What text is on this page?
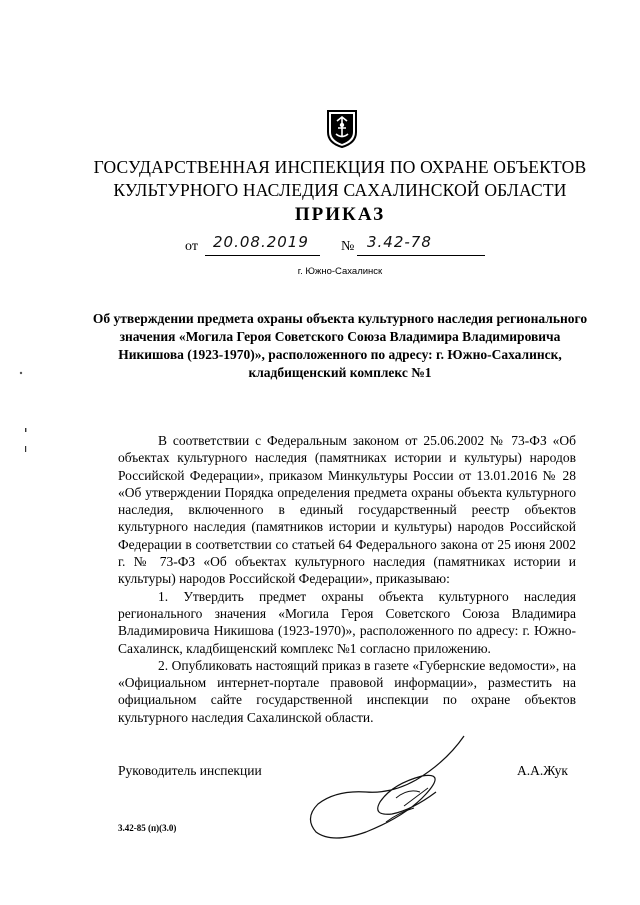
ГОСУДАРСТВЕННАЯ ИНСПЕКЦИЯ ПО ОХРАНЕ ОБЪЕКТОВ
КУЛЬТУРНОГО НАСЛЕДИЯ САХАЛИНСКОЙ ОБЛАСТИ
ПРИКАЗ
от 20.08.2019 № 3.42-78
г. Южно-Сахалинск
Об утверждении предмета охраны объекта культурного наследия регионального значения «Могила Героя Советского Союза Владимира Владимировича Никишова (1923-1970)», расположенного по адресу: г. Южно-Сахалинск, кладбищенский комплекс №1

В соответствии с Федеральным законом от 25.06.2002 № 73-ФЗ «Об объектах культурного наследия (памятниках истории и культуры) народов Российской Федерации», приказом Минкультуры России от 13.01.2016 № 28 «Об утверждении Порядка определения предмета охраны объекта культурного наследия, включенного в единый государственный реестр объектов культурного наследия (памятников истории и культуры) народов Российской Федерации в соответствии со статьей 64 Федерального закона от 25 июня 2002 г. № 73-ФЗ «Об объектах культурного наследия (памятниках истории и культуры) народов Российской Федерации», приказываю:

1. Утвердить предмет охраны объекта культурного наследия регионального значения «Могила Героя Советского Союза Владимира Владимировича Никишова (1923-1970)», расположенного по адресу: г. Южно-Сахалинск, кладбищенский комплекс №1 согласно приложению.

2. Опубликовать настоящий приказ в газете «Губернские ведомости», на «Официальном интернет-портале правовой информации», разместить на официальном сайте государственной инспекции по охране объектов культурного наследия Сахалинской области.

Руководитель инспекции	А.А.Жук
3.42-85 (п)(3.0)
